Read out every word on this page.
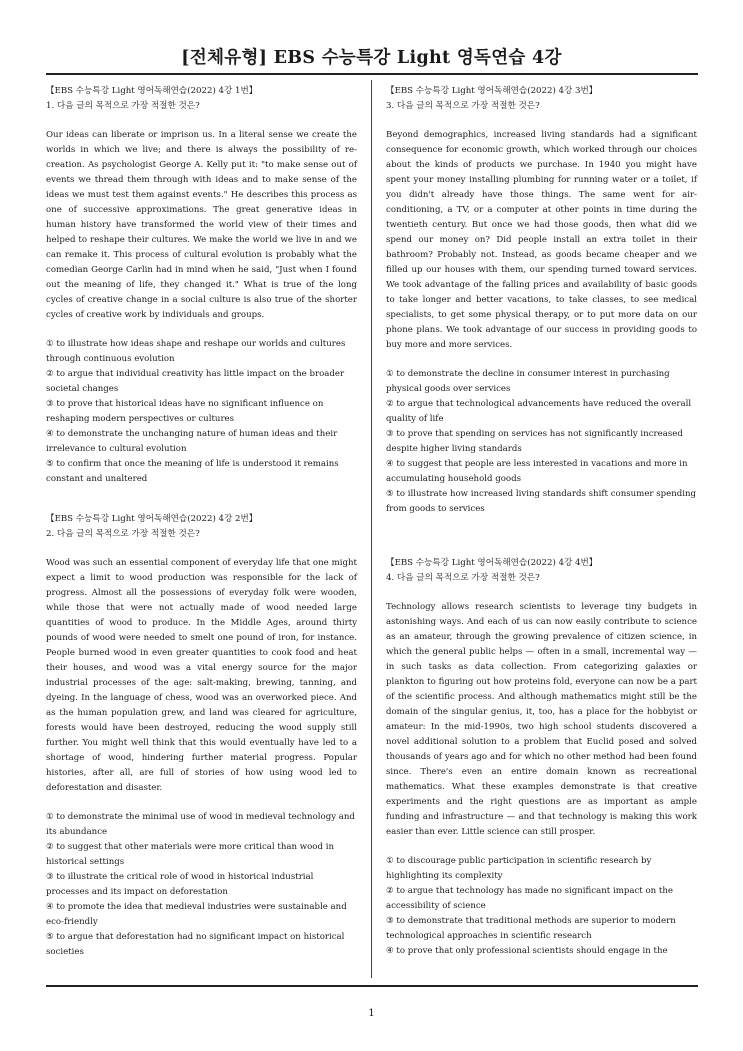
[전체유형] EBS 수능특강 Light 영독연습 4강
【EBS 수능특강 Light 영어독해연습(2022) 4강 1번】
1. 다음 글의 목적으로 가장 적절한 것은?
Our ideas can liberate or imprison us. In a literal sense we create the worlds in which we live; and there is always the possibility of re-creation. As psychologist George A. Kelly put it: "to make sense out of events we thread them through with ideas and to make sense of the ideas we must test them against events." He describes this process as one of successive approximations. The great generative ideas in human history have transformed the world view of their times and helped to reshape their cultures. We make the world we live in and we can remake it. This process of cultural evolution is probably what the comedian George Carlin had in mind when he said, "Just when I found out the meaning of life, they changed it." What is true of the long cycles of creative change in a social culture is also true of the shorter cycles of creative work by individuals and groups.
① to illustrate how ideas shape and reshape our worlds and cultures through continuous evolution
② to argue that individual creativity has little impact on the broader societal changes
③ to prove that historical ideas have no significant influence on reshaping modern perspectives or cultures
④ to demonstrate the unchanging nature of human ideas and their irrelevance to cultural evolution
⑤ to confirm that once the meaning of life is understood it remains constant and unaltered
【EBS 수능특강 Light 영어독해연습(2022) 4강 2번】
2. 다음 글의 목적으로 가장 적절한 것은?
Wood was such an essential component of everyday life that one might expect a limit to wood production was responsible for the lack of progress. Almost all the possessions of everyday folk were wooden, while those that were not actually made of wood needed large quantities of wood to produce. In the Middle Ages, around thirty pounds of wood were needed to smelt one pound of iron, for instance. People burned wood in even greater quantities to cook food and heat their houses, and wood was a vital energy source for the major industrial processes of the age: salt-making, brewing, tanning, and dyeing. In the language of chess, wood was an overworked piece. And as the human population grew, and land was cleared for agriculture, forests would have been destroyed, reducing the wood supply still further. You might well think that this would eventually have led to a shortage of wood, hindering further material progress. Popular histories, after all, are full of stories of how using wood led to deforestation and disaster.
① to demonstrate the minimal use of wood in medieval technology and its abundance
② to suggest that other materials were more critical than wood in historical settings
③ to illustrate the critical role of wood in historical industrial processes and its impact on deforestation
④ to promote the idea that medieval industries were sustainable and eco-friendly
⑤ to argue that deforestation had no significant impact on historical societies
【EBS 수능특강 Light 영어독해연습(2022) 4강 3번】
3. 다음 글의 목적으로 가장 적절한 것은?
Beyond demographics, increased living standards had a significant consequence for economic growth, which worked through our choices about the kinds of products we purchase. In 1940 you might have spent your money installing plumbing for running water or a toilet, if you didn't already have those things. The same went for air-conditioning, a TV, or a computer at other points in time during the twentieth century. But once we had those goods, then what did we spend our money on? Did people install an extra toilet in their bathroom? Probably not. Instead, as goods became cheaper and we filled up our houses with them, our spending turned toward services. We took advantage of the falling prices and availability of basic goods to take longer and better vacations, to take classes, to see medical specialists, to get some physical therapy, or to put more data on our phone plans. We took advantage of our success in providing goods to buy more and more services.
① to demonstrate the decline in consumer interest in purchasing physical goods over services
② to argue that technological advancements have reduced the overall quality of life
③ to prove that spending on services has not significantly increased despite higher living standards
④ to suggest that people are less interested in vacations and more in accumulating household goods
⑤ to illustrate how increased living standards shift consumer spending from goods to services
【EBS 수능특강 Light 영어독해연습(2022) 4강 4번】
4. 다음 글의 목적으로 가장 적절한 것은?
Technology allows research scientists to leverage tiny budgets in astonishing ways. And each of us can now easily contribute to science as an amateur, through the growing prevalence of citizen science, in which the general public helps — often in a small, incremental way — in such tasks as data collection. From categorizing galaxies or plankton to figuring out how proteins fold, everyone can now be a part of the scientific process. And although mathematics might still be the domain of the singular genius, it, too, has a place for the hobbyist or amateur: In the mid-1990s, two high school students discovered a novel additional solution to a problem that Euclid posed and solved thousands of years ago and for which no other method had been found since. There's even an entire domain known as recreational mathematics. What these examples demonstrate is that creative experiments and the right questions are as important as ample funding and infrastructure — and that technology is making this work easier than ever. Little science can still prosper.
① to discourage public participation in scientific research by highlighting its complexity
② to argue that technology has made no significant impact on the accessibility of science
③ to demonstrate that traditional methods are superior to modern technological approaches in scientific research
④ to prove that only professional scientists should engage in the
1
